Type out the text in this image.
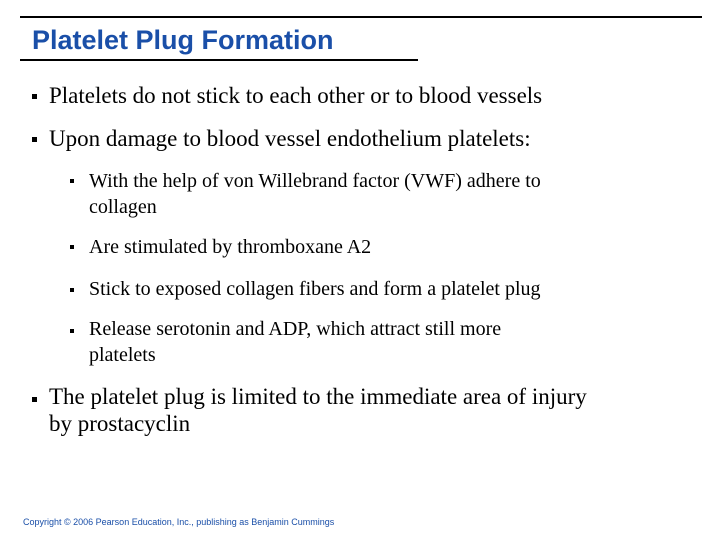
Platelet Plug Formation

Platelets do not stick to each other or to blood vessels

Upon damage to blood vessel endothelium platelets:

With the help of von Willebrand factor (VWF) adhere to

collagen

Are stimulated by thromboxane A2

Stick to exposed collagen fibers and form a platelet plug

Release serotonin and ADP, which attract still more

platelets

The platelet plug is limited to the immediate area of injury

by prostacyclin

Copyright © 2006 Pearson Education, Inc., publishing as Benjamin Cummings
